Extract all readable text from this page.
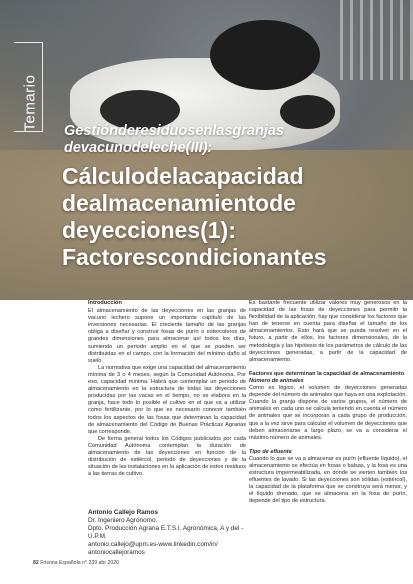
Temario Gestiónderesiduosenlasgranjas devacunodeleche(III):
Cálculodelacapacidad dealmacenamientode deyecciones(1): Factorescondicionantes

Introducción

El almacenamiento de las deyecciones en las granjas de vacuno lechero supone un importante capítulo de las inversiones necesarias. El creciente tamaño de las granjas obliga a diseñar y construir fosas de purín o estercoleros de grandes dimensiones para almacenar así todos los días, sumiendo un periodo amplio en el que se pueden ser distribuidas en el campo, con la formación del mínimo daño al suelo.

La normativa que exige una capacidad del almacenamiento mínima de 3 o 4 meses, según la Comunidad Autónoma. Por eso, capacidad mínima. Habrá que contemplar un periodo de almacenamiento en la estructura de todas las deyecciones producidas por las vacas en el tiempo, no se elabora en la granja, hace todo lo posible el cultivo en el que va a utilizar como fertilizante, por lo que es necesario conocer también todos los aspectos de las fosas que determinan la capacidad de almacenamiento del Código de Buenas Prácticas Agrarias que corresponde.

De forma general todos los Códigos publicados por cada Comunidad Autónoma contemplan la duración de almacenamiento de las deyecciones en función de la distribución de estiércol, periodo de deyecciones y de la situación de las instalaciones en la aplicación de estos residuos a las tierras de cultivo.

Antonio Callejo Ramos
Dr. Ingeniero Agrónomo.
Dpto. Producción Agraria E.T.S.I. Agronómica, A y del - U.P.M.
antonio.callejo@upm.es-www.linkedin.com/in/
antoniocallejoramos

Es bastante frecuente utilizar valores muy generosos en la capacidad de las fosas de deyecciones para permitir la flexibilidad de la aplicación, hay que considerar los factores que han de tenerse en cuenta para diseñar el tamaño de los almacenamientos. Esto hará que se pueda resolver en el futuro, a partir de ellos, los factores dimensionales, de la metodología y las hipótesis de los parámetros de cálculo de las deyecciones generadas, a partir de la capacidad de almacenamiento.

Factores que determinan la capacidad de almacenamiento

Número de animales

Como es lógico, el volumen de deyecciones generadas depende del número de animales que haya en una explotación. Cuando la granja dispone de varios grupos, el número de animales en cada uno se calcula teniendo en cuenta el número de animales que se incorporan a cada grupo de producción, que a la vez sirve para calcular el volumen de deyecciones que deben almacenarse a largo plazo, se va a considerar el máximo número de animales.

Tipo de efluente

Cuando lo que se va a almacenar es purín (efluente líquido), el almacenamiento se efectúa en fosas o balsas, y la fosa es una estructura impermeabilizada, en donde se vierten también los efluentes de lavado. Si las deyecciones son sólidas (estiércol), la capacidad de la plataforma que se construya será menor, y el líquido drenado, que se almacena en la fosa de purín, depende del tipo de estructura.

82 Frisona Española n° 239 abr 2020
